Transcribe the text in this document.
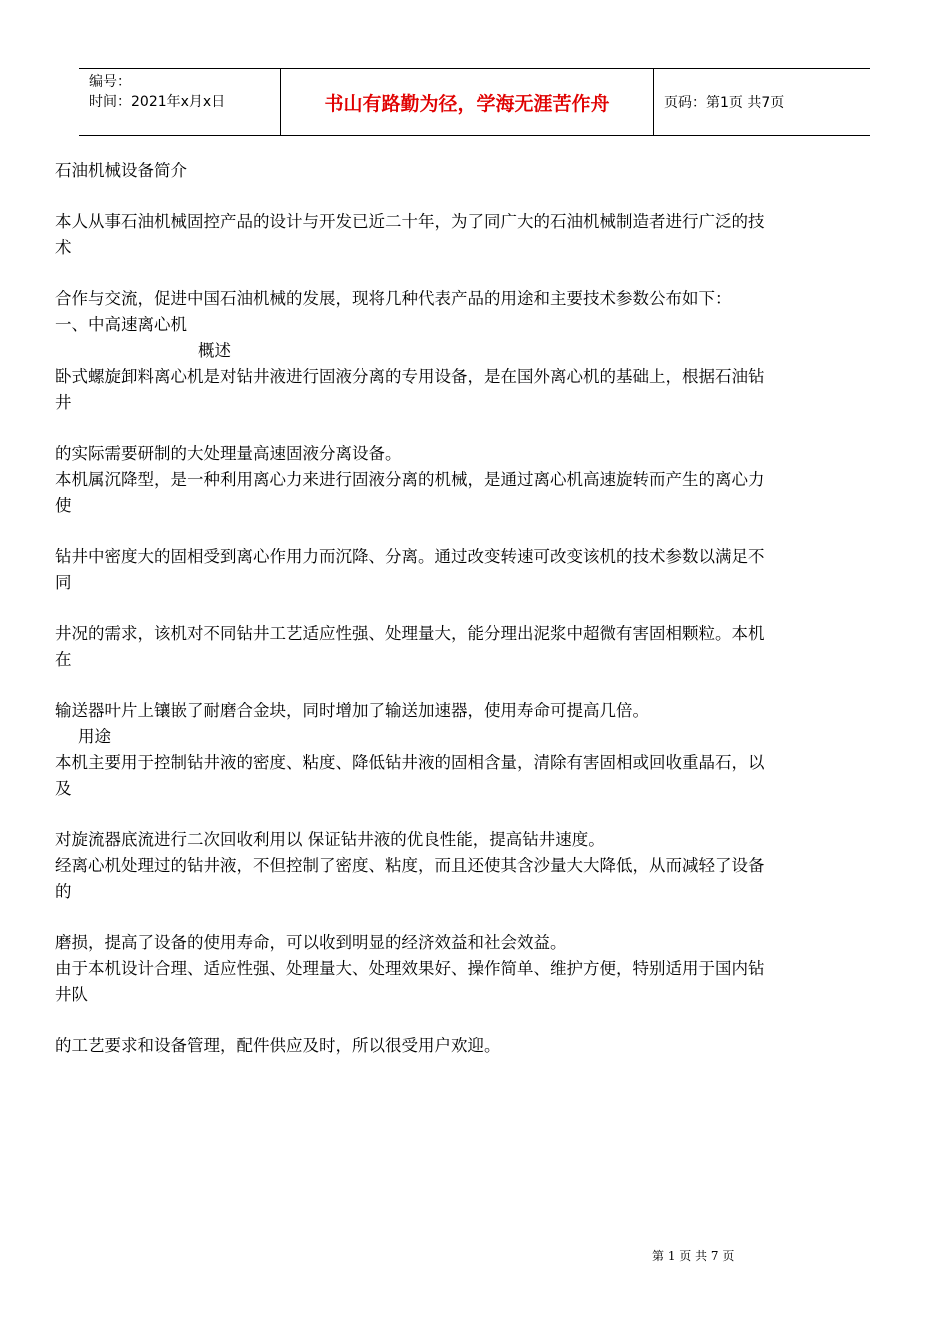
编号：
时间：2021年x月x日	书山有路勤为径，学海无涯苦作舟	页码：第1页 共7页

石油机械设备简介

本人从事石油机械固控产品的设计与开发已近二十年，为了同广大的石油机械制造者进行广泛的技

术

合作与交流，促进中国石油机械的发展，现将几种代表产品的用途和主要技术参数公布如下：

一、中高速离心机

概述

卧式螺旋卸料离心机是对钻井液进行固液分离的专用设备，是在国外离心机的基础上，根据石油钻

井

的实际需要研制的大处理量高速固液分离设备。

本机属沉降型，是一种利用离心力来进行固液分离的机械，是通过离心机高速旋转而产生的离心力

使

钻井中密度大的固相受到离心作用力而沉降、分离。通过改变转速可改变该机的技术参数以满足不

同

井况的需求，该机对不同钻井工艺适应性强、处理量大，能分理出泥浆中超微有害固相颗粒。本机

在

输送器叶片上镶嵌了耐磨合金块，同时增加了输送加速器，使用寿命可提高几倍。

用途

本机主要用于控制钻井液的密度、粘度、降低钻井液的固相含量，清除有害固相或回收重晶石，以

及

对旋流器底流进行二次回收利用以 保证钻井液的优良性能，提高钻井速度。

经离心机处理过的钻井液，不但控制了密度、粘度，而且还使其含沙量大大降低，从而减轻了设备

的

磨损，提高了设备的使用寿命，可以收到明显的经济效益和社会效益。

由于本机设计合理、适应性强、处理量大、处理效果好、操作简单、维护方便，特别适用于国内钻

井队

的工艺要求和设备管理，配件供应及时，所以很受用户欢迎。

第 1 页 共 7 页
